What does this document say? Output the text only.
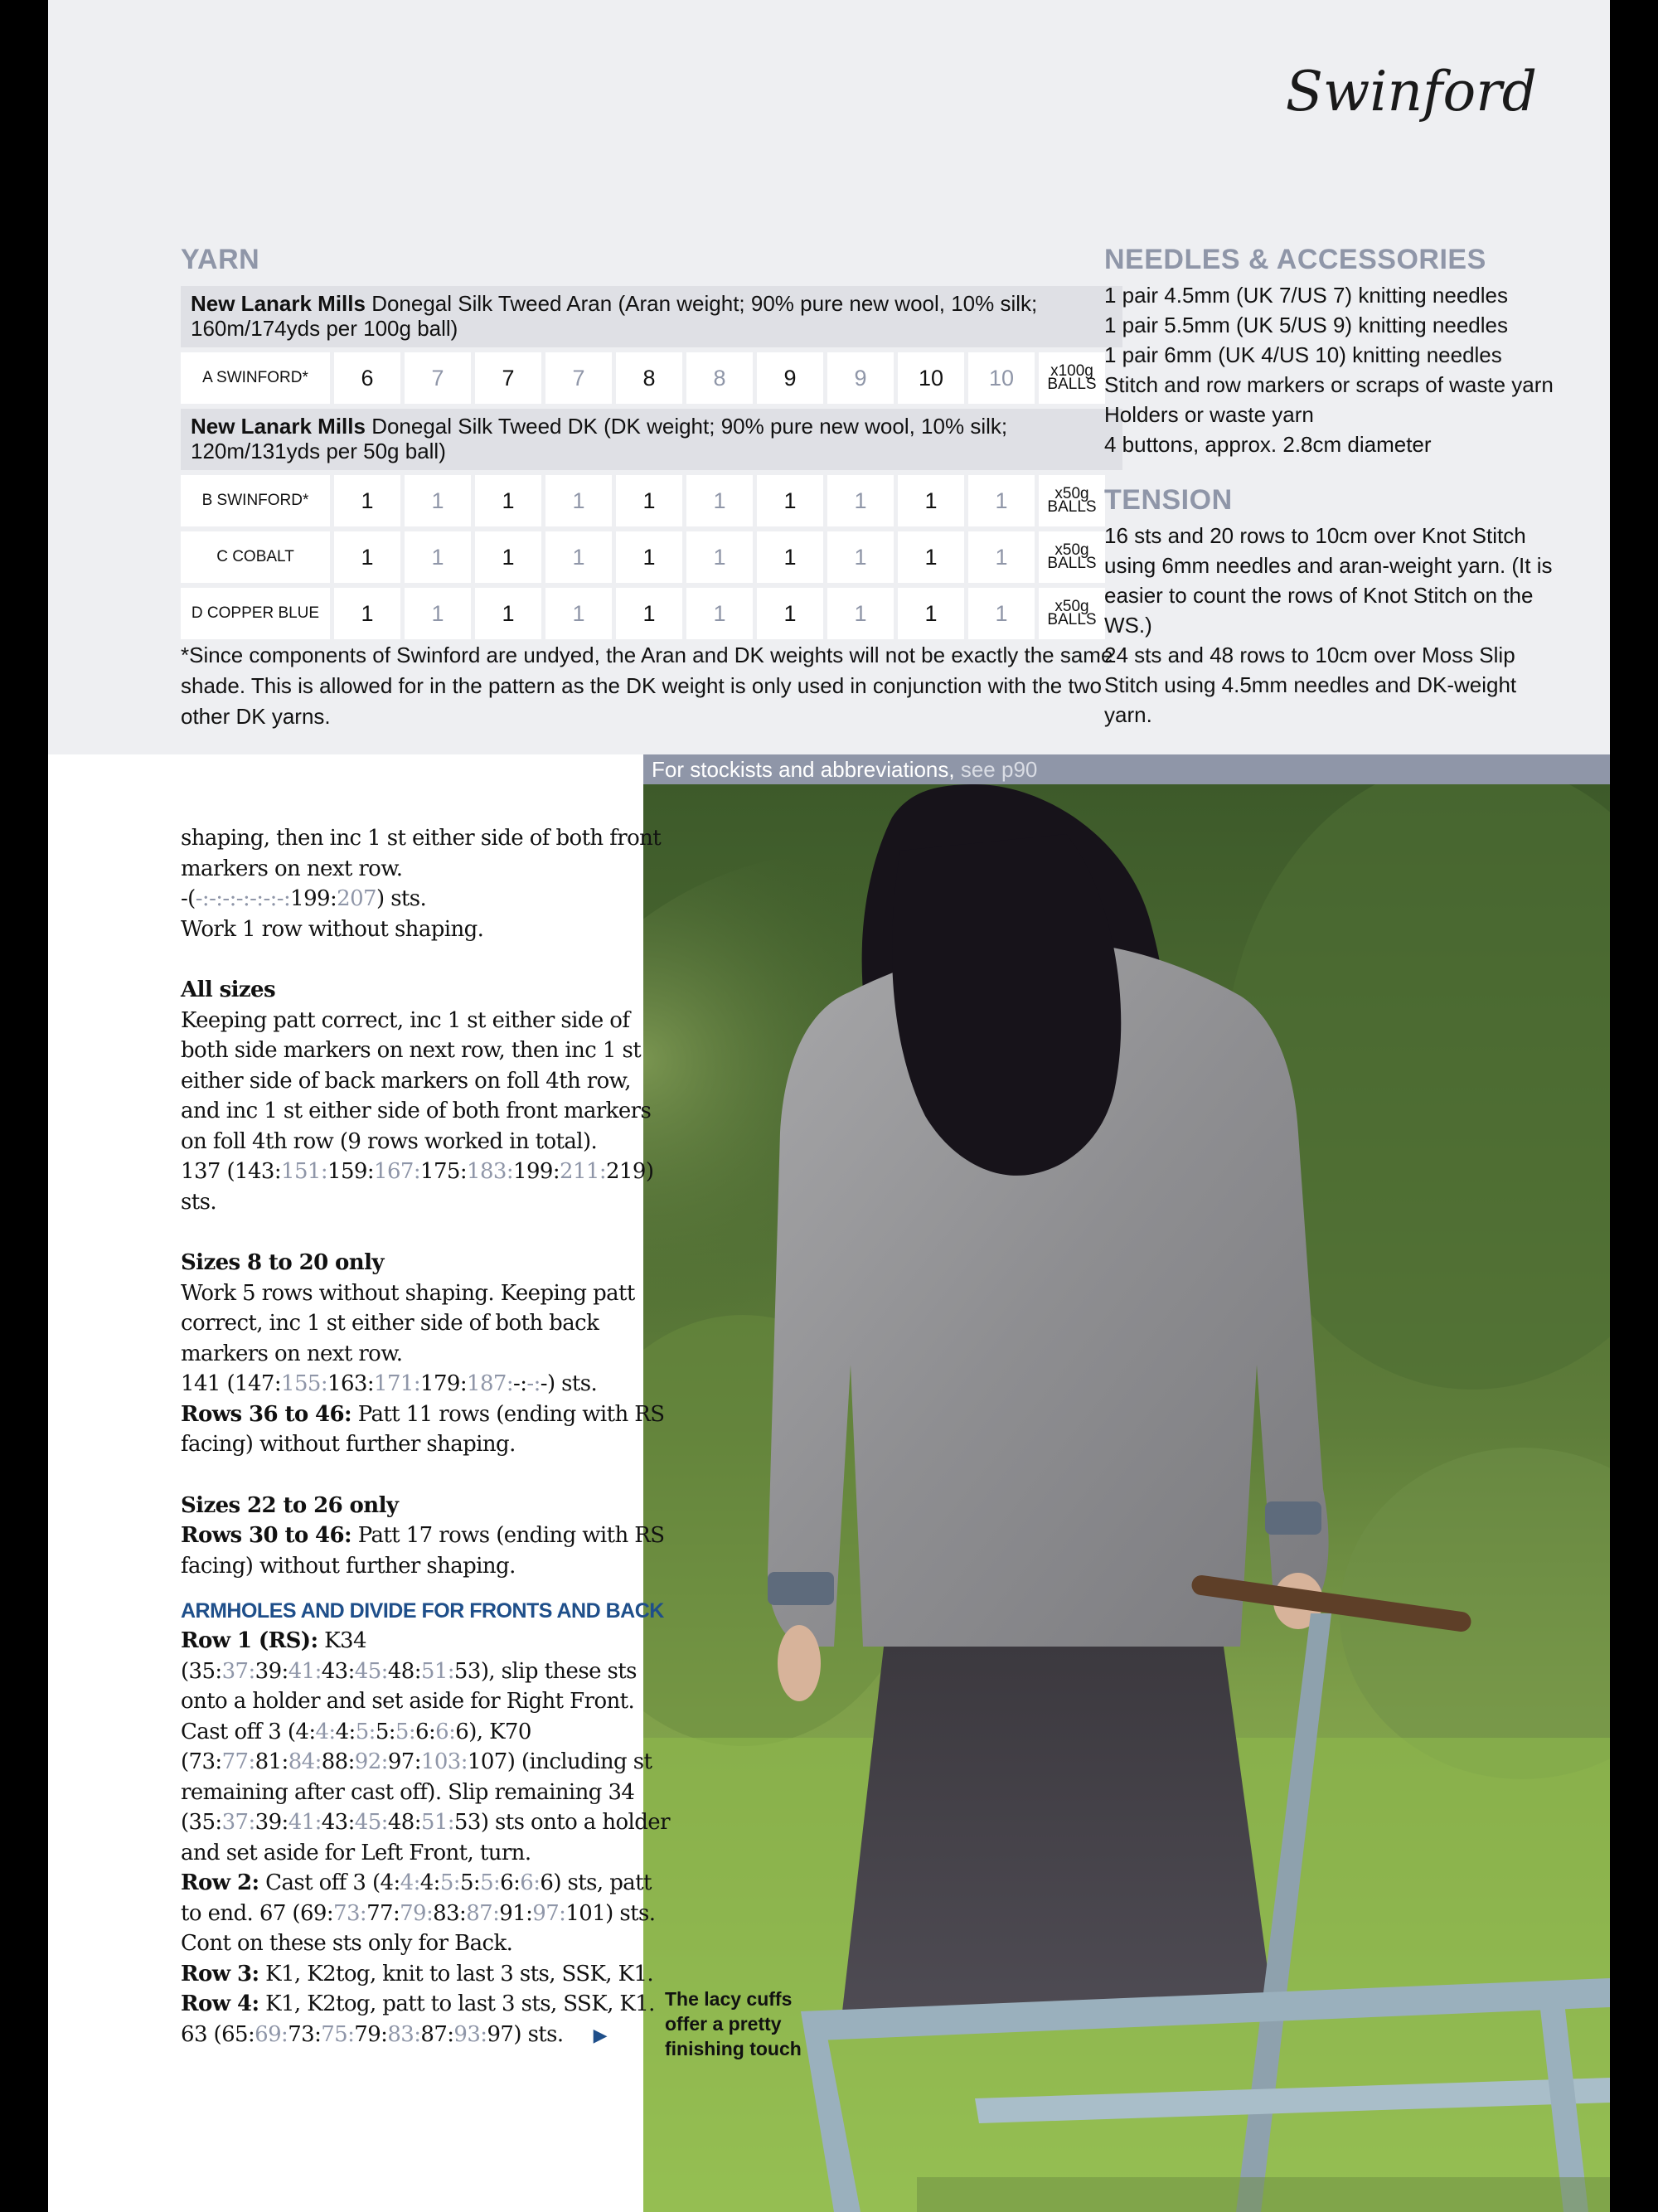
Swinford
YARN
New Lanark Mills Donegal Silk Tweed Aran (Aran weight; 90% pure new wool, 10% silk; 160m/174yds per 100g ball)
A SWINFORD*	6	7	7	7	8	8	9	9	10	10	x100g BALLS
New Lanark Mills Donegal Silk Tweed DK (DK weight; 90% pure new wool, 10% silk; 120m/131yds per 50g ball)
B SWINFORD*	1	1	1	1	1	1	1	1	1	1	x50g BALLS
C COBALT	1	1	1	1	1	1	1	1	1	1	x50g BALLS
D COPPER BLUE	1	1	1	1	1	1	1	1	1	1	x50g BALLS
*Since components of Swinford are undyed, the Aran and DK weights will not be exactly the same shade. This is allowed for in the pattern as the DK weight is only used in conjunction with the two other DK yarns.
NEEDLES & ACCESSORIES
1 pair 4.5mm (UK 7/US 7) knitting needles
1 pair 5.5mm (UK 5/US 9) knitting needles
1 pair 6mm (UK 4/US 10) knitting needles
Stitch and row markers or scraps of waste yarn
Holders or waste yarn
4 buttons, approx. 2.8cm diameter
TENSION
16 sts and 20 rows to 10cm over Knot Stitch using 6mm needles and aran-weight yarn. (It is easier to count the rows of Knot Stitch on the WS.)
24 sts and 48 rows to 10cm over Moss Slip Stitch using 4.5mm needles and DK-weight yarn.
For stockists and abbreviations, see p90
The lacy cuffs
offer a pretty
finishing touch

shaping, then inc 1 st either side of both front markers on next row.

-(-:-:-:-:-:-:-:199:207) sts.

Work 1 row without shaping.

All sizes

Keeping patt correct, inc 1 st either side of both side markers on next row, then inc 1 st either side of back markers on foll 4th row, and inc 1 st either side of both front markers on foll 4th row (9 rows worked in total).

137 (143:151:159:167:175:183:199:211:219) sts.

Sizes 8 to 20 only

Work 5 rows without shaping. Keeping patt correct, inc 1 st either side of both back markers on next row.

141 (147:155:163:171:179:187:-:-:-) sts.

Rows 36 to 46: Patt 11 rows (ending with RS facing) without further shaping.

Sizes 22 to 26 only

Rows 30 to 46: Patt 17 rows (ending with RS facing) without further shaping.

ARMHOLES AND DIVIDE FOR FRONTS AND BACK

Row 1 (RS): K34 (35:37:39:41:43:45:48:51:53), slip these sts onto a holder and set aside for Right Front. Cast off 3 (4:4:4:5:5:5:6:6:6), K70 (73:77:81:84:88:92:97:103:107) (including st remaining after cast off). Slip remaining 34 (35:37:39:41:43:45:48:51:53) sts onto a holder and set aside for Left Front, turn.

Row 2: Cast off 3 (4:4:4:5:5:5:6:6:6) sts, patt to end. 67 (69:73:77:79:83:87:91:97:101) sts.

Cont on these sts only for Back.

Row 3: K1, K2tog, knit to last 3 sts, SSK, K1.

Row 4: K1, K2tog, patt to last 3 sts, SSK, K1.

63 (65:69:73:75:79:83:87:93:97) sts. ▶
